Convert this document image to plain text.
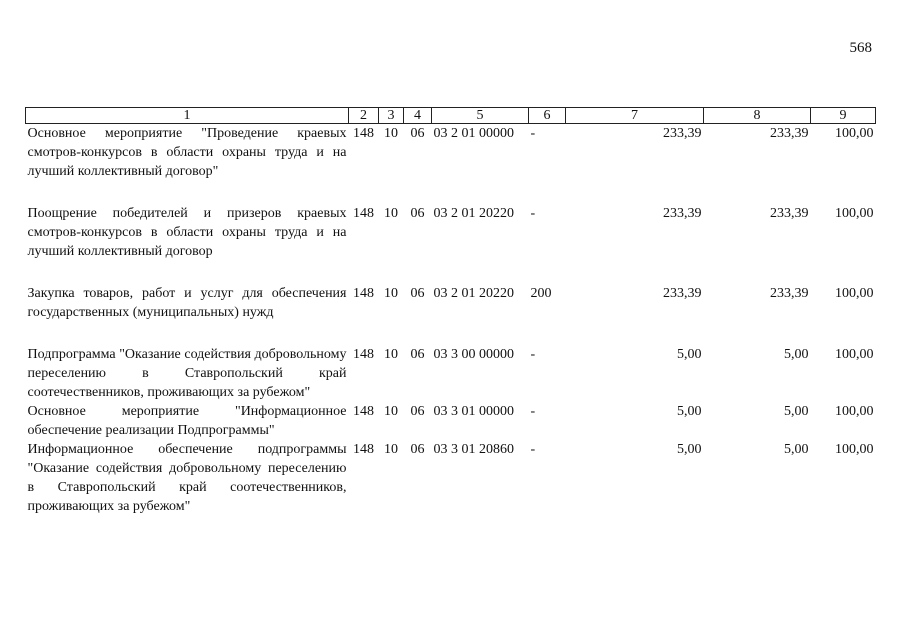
568
1	2	3	4	5	6	7	8	9
Основное мероприятие "Проведение краевых смотров-конкурсов в области охраны труда и на лучший коллективный договор"	148	10	06	03 2 01 00000	-	233,39	233,39	100,00
Поощрение победителей и призеров краевых смотров-конкурсов в области охраны труда и на лучший коллективный договор	148	10	06	03 2 01 20220	-	233,39	233,39	100,00
Закупка товаров, работ и услуг для обеспечения государственных (муниципальных) нужд	148	10	06	03 2 01 20220	200	233,39	233,39	100,00
Подпрограмма "Оказание содействия добровольному переселению в Ставропольский край соотечественников, проживающих за рубежом"	148	10	06	03 3 00 00000	-	5,00	5,00	100,00
Основное мероприятие "Информационное обеспечение реализации Подпрограммы"	148	10	06	03 3 01 00000	-	5,00	5,00	100,00
Информационное обеспечение подпрограммы "Оказание содействия добровольному переселению в Ставропольский край соотечественников, проживающих за рубежом"	148	10	06	03 3 01 20860	-	5,00	5,00	100,00
